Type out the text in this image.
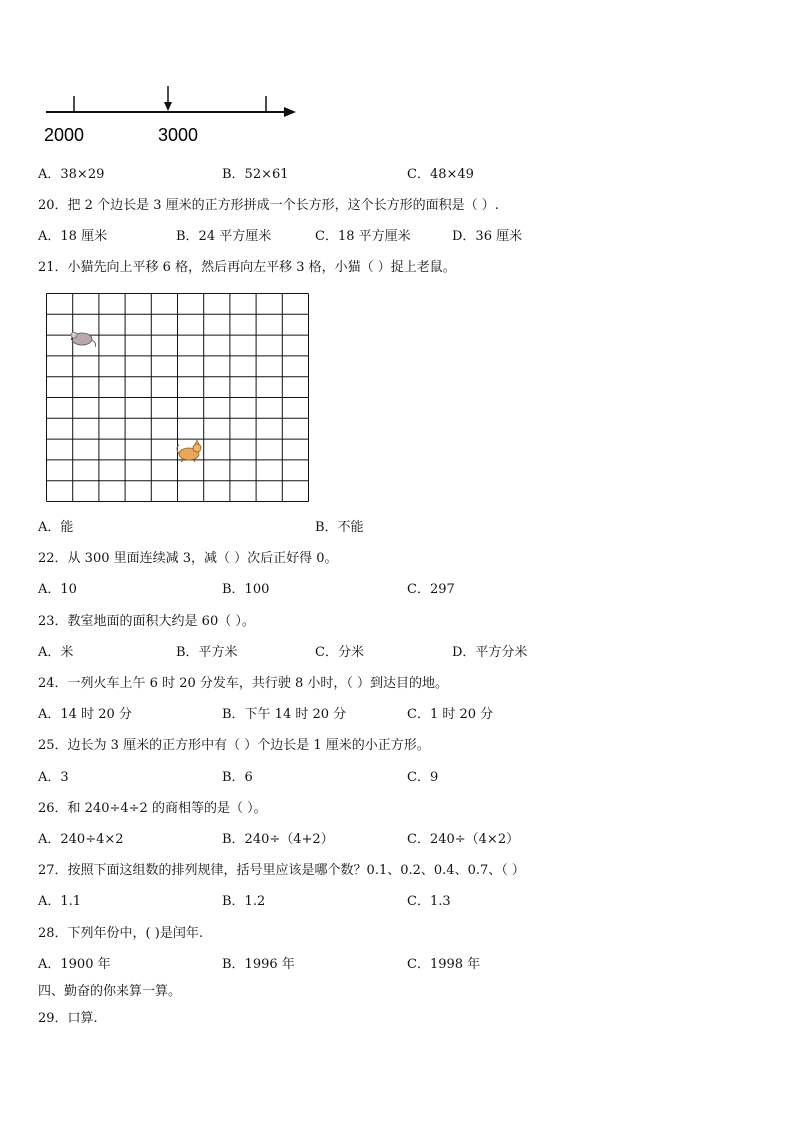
2000	3000
A．38×29	B．52×61	C．48×49
20．把 2 个边长是 3 厘米的正方形拼成一个长方形，这个长方形的面积是（ ）.
A．18 厘米	B．24 平方厘米	C．18 平方厘米	D．36 厘米
21．小猫先向上平移 6 格，然后再向左平移 3 格，小猫（ ）捉上老鼠。
A．能	B．不能
22．从 300 里面连续减 3，减（ ）次后正好得 0。
A．10	B．100	C．297
23．教室地面的面积大约是 60（ ）。
A．米	B．平方米	C．分米	D．平方分米
24．一列火车上午 6 时 20 分发车，共行驶 8 小时，（ ）到达目的地。
A．14 时 20 分	B．下午 14 时 20 分	C．1 时 20 分
25．边长为 3 厘米的正方形中有（ ）个边长是 1 厘米的小正方形。
A．3	B．6	C．9
26．和 240÷4÷2 的商相等的是（ ）。
A．240÷4×2	B．240÷（4+2）	C．240÷（4×2）
27．按照下面这组数的排列规律，括号里应该是哪个数？0.1、0.2、0.4、0.7、（ ）
A．1.1	B．1.2	C．1.3
28．下列年份中，( )是闰年.
A．1900 年	B．1996 年	C．1998 年
四、勤奋的你来算一算。
29．口算.
